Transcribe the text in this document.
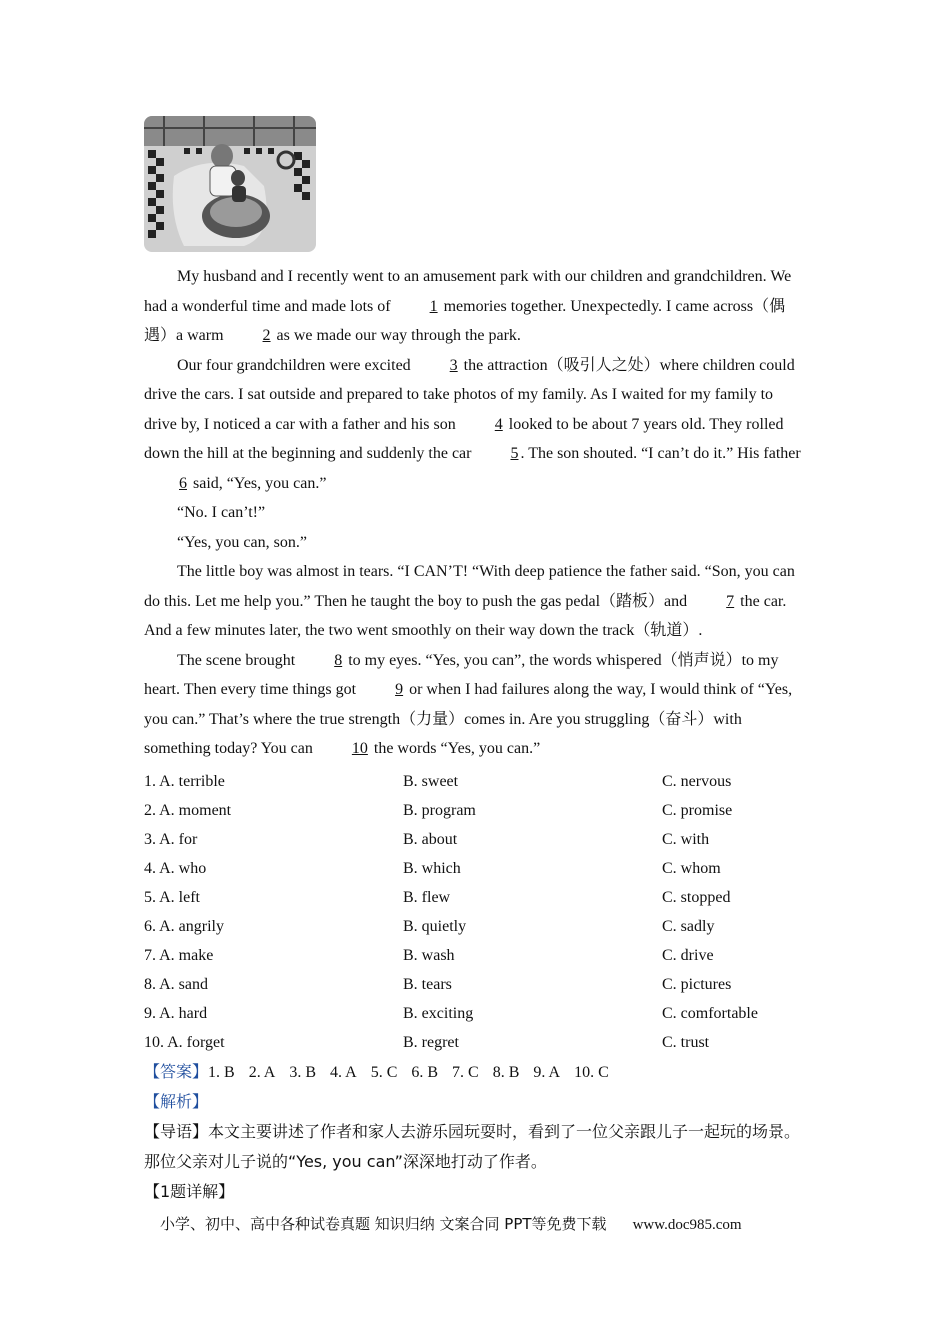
My husband and I recently went to an amusement park with our children and grandchildren. We had a wonderful time and made lots of 1 memories together. Unexpectedly. I came across（偶遇）a warm 2 as we made our way through the park.

Our four grandchildren were excited 3 the attraction（吸引人之处）where children could drive the cars. I sat outside and prepared to take photos of my family. As I waited for my family to drive by, I noticed a car with a father and his son 4 looked to be about 7 years old. They rolled down the hill at the beginning and suddenly the car 5 . The son shouted. “I can’t do it.” His father 6 said, “Yes, you can.”

“No. I can’t!”

“Yes, you can, son.”

The little boy was almost in tears. “I CAN’T! “With deep patience the father said. “Son, you can do this. Let me help you.” Then he taught the boy to push the gas pedal（踏板）and 7 the car. And a few minutes later, the two went smoothly on their way down the track（轨道）.

The scene brought 8 to my eyes. “Yes, you can”, the words whispered（悄声说）to my heart. Then every time things got 9 or when I had failures along the way, I would think of “Yes, you can.” That’s where the true strength（力量）comes in. Are you struggling（奋斗）with something today? You can 10 the words “Yes, you can.”

1. A. terrible	B. sweet	C. nervous
2. A. moment	B. program	C. promise
3. A. for	B. about	C. with
4. A. who	B. which	C. whom
5. A. left	B. flew	C. stopped
6. A. angrily	B. quietly	C. sadly
7. A. make	B. wash	C. drive
8. A. sand	B. tears	C. pictures
9. A. hard	B. exciting	C. comfortable
10. A. forget	B. regret	C. trust
【答案】1. B 2. A 3. B 4. A 5. C 6. B 7. C 8. B 9. A 10. C
【解析】
【导语】本文主要讲述了作者和家人去游乐园玩耍时，看到了一位父亲跟儿子一起玩的场景。那位父亲对儿子说的“Yes, you can”深深地打动了作者。
【1题详解】
小学、初中、高中各种试卷真题 知识归纳 文案合同 PPT等免费下载 www.doc985.com
